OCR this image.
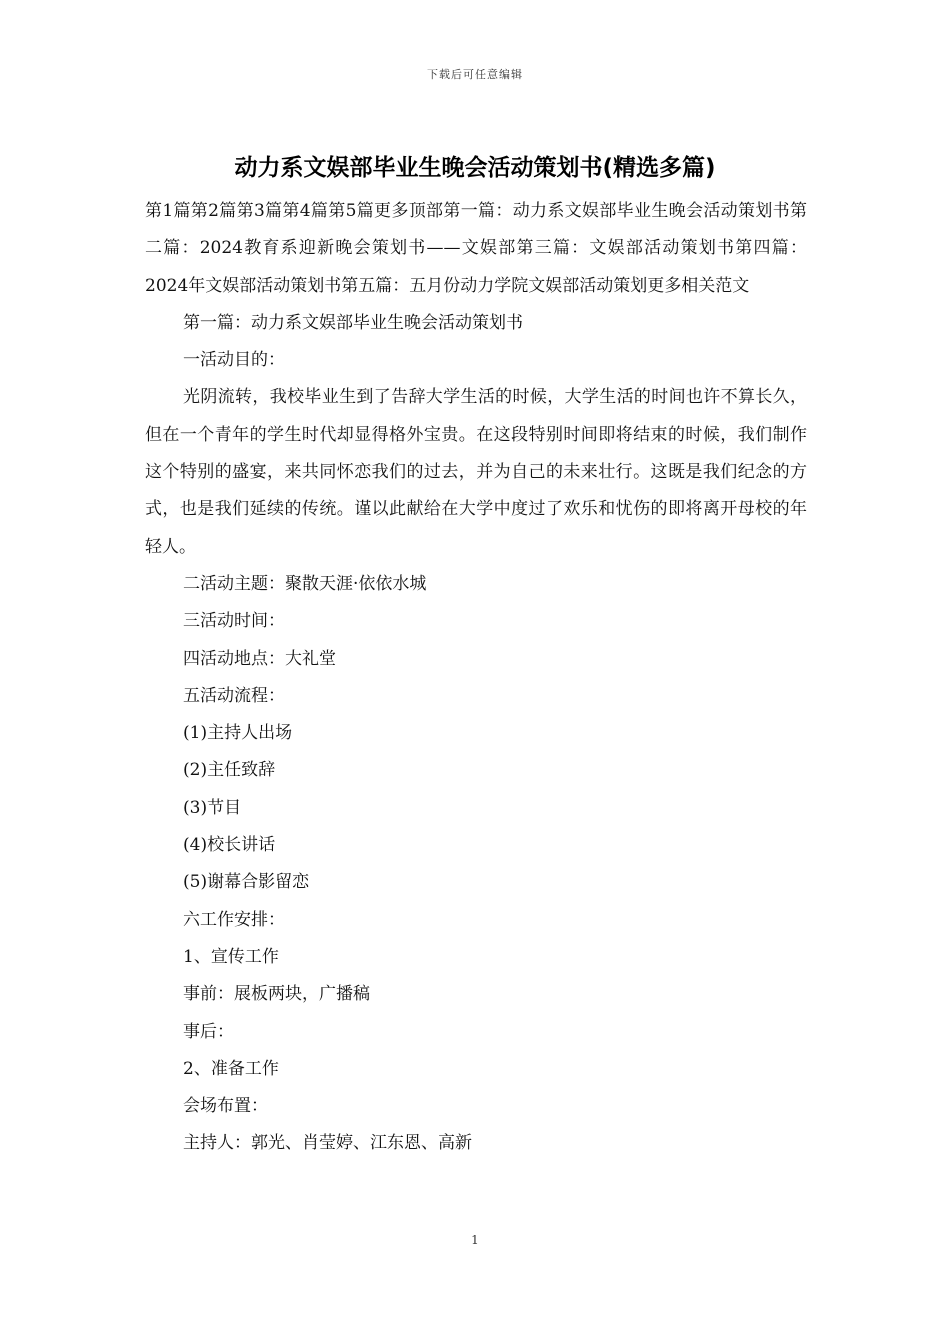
下载后可任意编辑
动力系文娱部毕业生晚会活动策划书(精选多篇)

第1篇第2篇第3篇第4篇第5篇更多顶部第一篇：动力系文娱部毕业生晚会活动策划书第二篇：2024教育系迎新晚会策划书——文娱部第三篇：文娱部活动策划书第四篇：2024年文娱部活动策划书第五篇：五月份动力学院文娱部活动策划更多相关范文

第一篇：动力系文娱部毕业生晚会活动策划书

一活动目的：

光阴流转，我校毕业生到了告辞大学生活的时候，大学生活的时间也许不算长久，但在一个青年的学生时代却显得格外宝贵。在这段特别时间即将结束的时候，我们制作这个特别的盛宴，来共同怀恋我们的过去，并为自己的未来壮行。这既是我们纪念的方式，也是我们延续的传统。谨以此献给在大学中度过了欢乐和忧伤的即将离开母校的年轻人。

二活动主题：聚散天涯·依依水城

三活动时间：

四活动地点：大礼堂

五活动流程：

(1)主持人出场

(2)主任致辞

(3)节目

(4)校长讲话

(5)谢幕合影留恋

六工作安排：

1、宣传工作

事前：展板两块，广播稿

事后：

2、准备工作

会场布置：

主持人：郭光、肖莹婷、江东恩、高新

1
